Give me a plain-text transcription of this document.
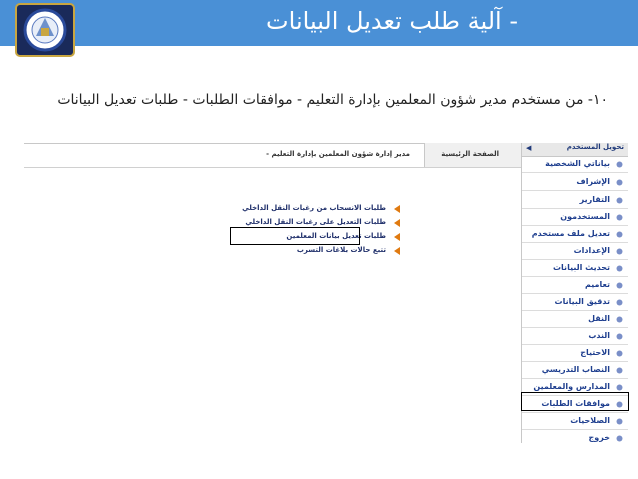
- آلية طلب تعديل البيانات
١٠- من مستخدم مدير شؤون المعلمين بإدارة التعليم - موافقات الطلبات - طلبات تعديل البيانات
الصفحة الرئيسية
مدير إدارة شؤون المعلمين بإدارة التعليم -
تحويل المستخدم
◀
بياناتي الشخصية
الإشراف
التقارير
المستخدمون
تعديل ملف مستخدم
الإعدادات
تحديث البيانات
تعاميم
تدقيق البيانات
النقل
الندب
الاحتياج
النصاب التدريسي
المدارس والمعلمين
موافقات الطلبات
الصلاحيات
خروج
طلبات الانسحاب من رغبات النقل الداخلي
طلبات التعديل على رغبات النقل الداخلي
طلبات تعديل بيانات المعلمين
تتبع حالات بلاغات التسرب
